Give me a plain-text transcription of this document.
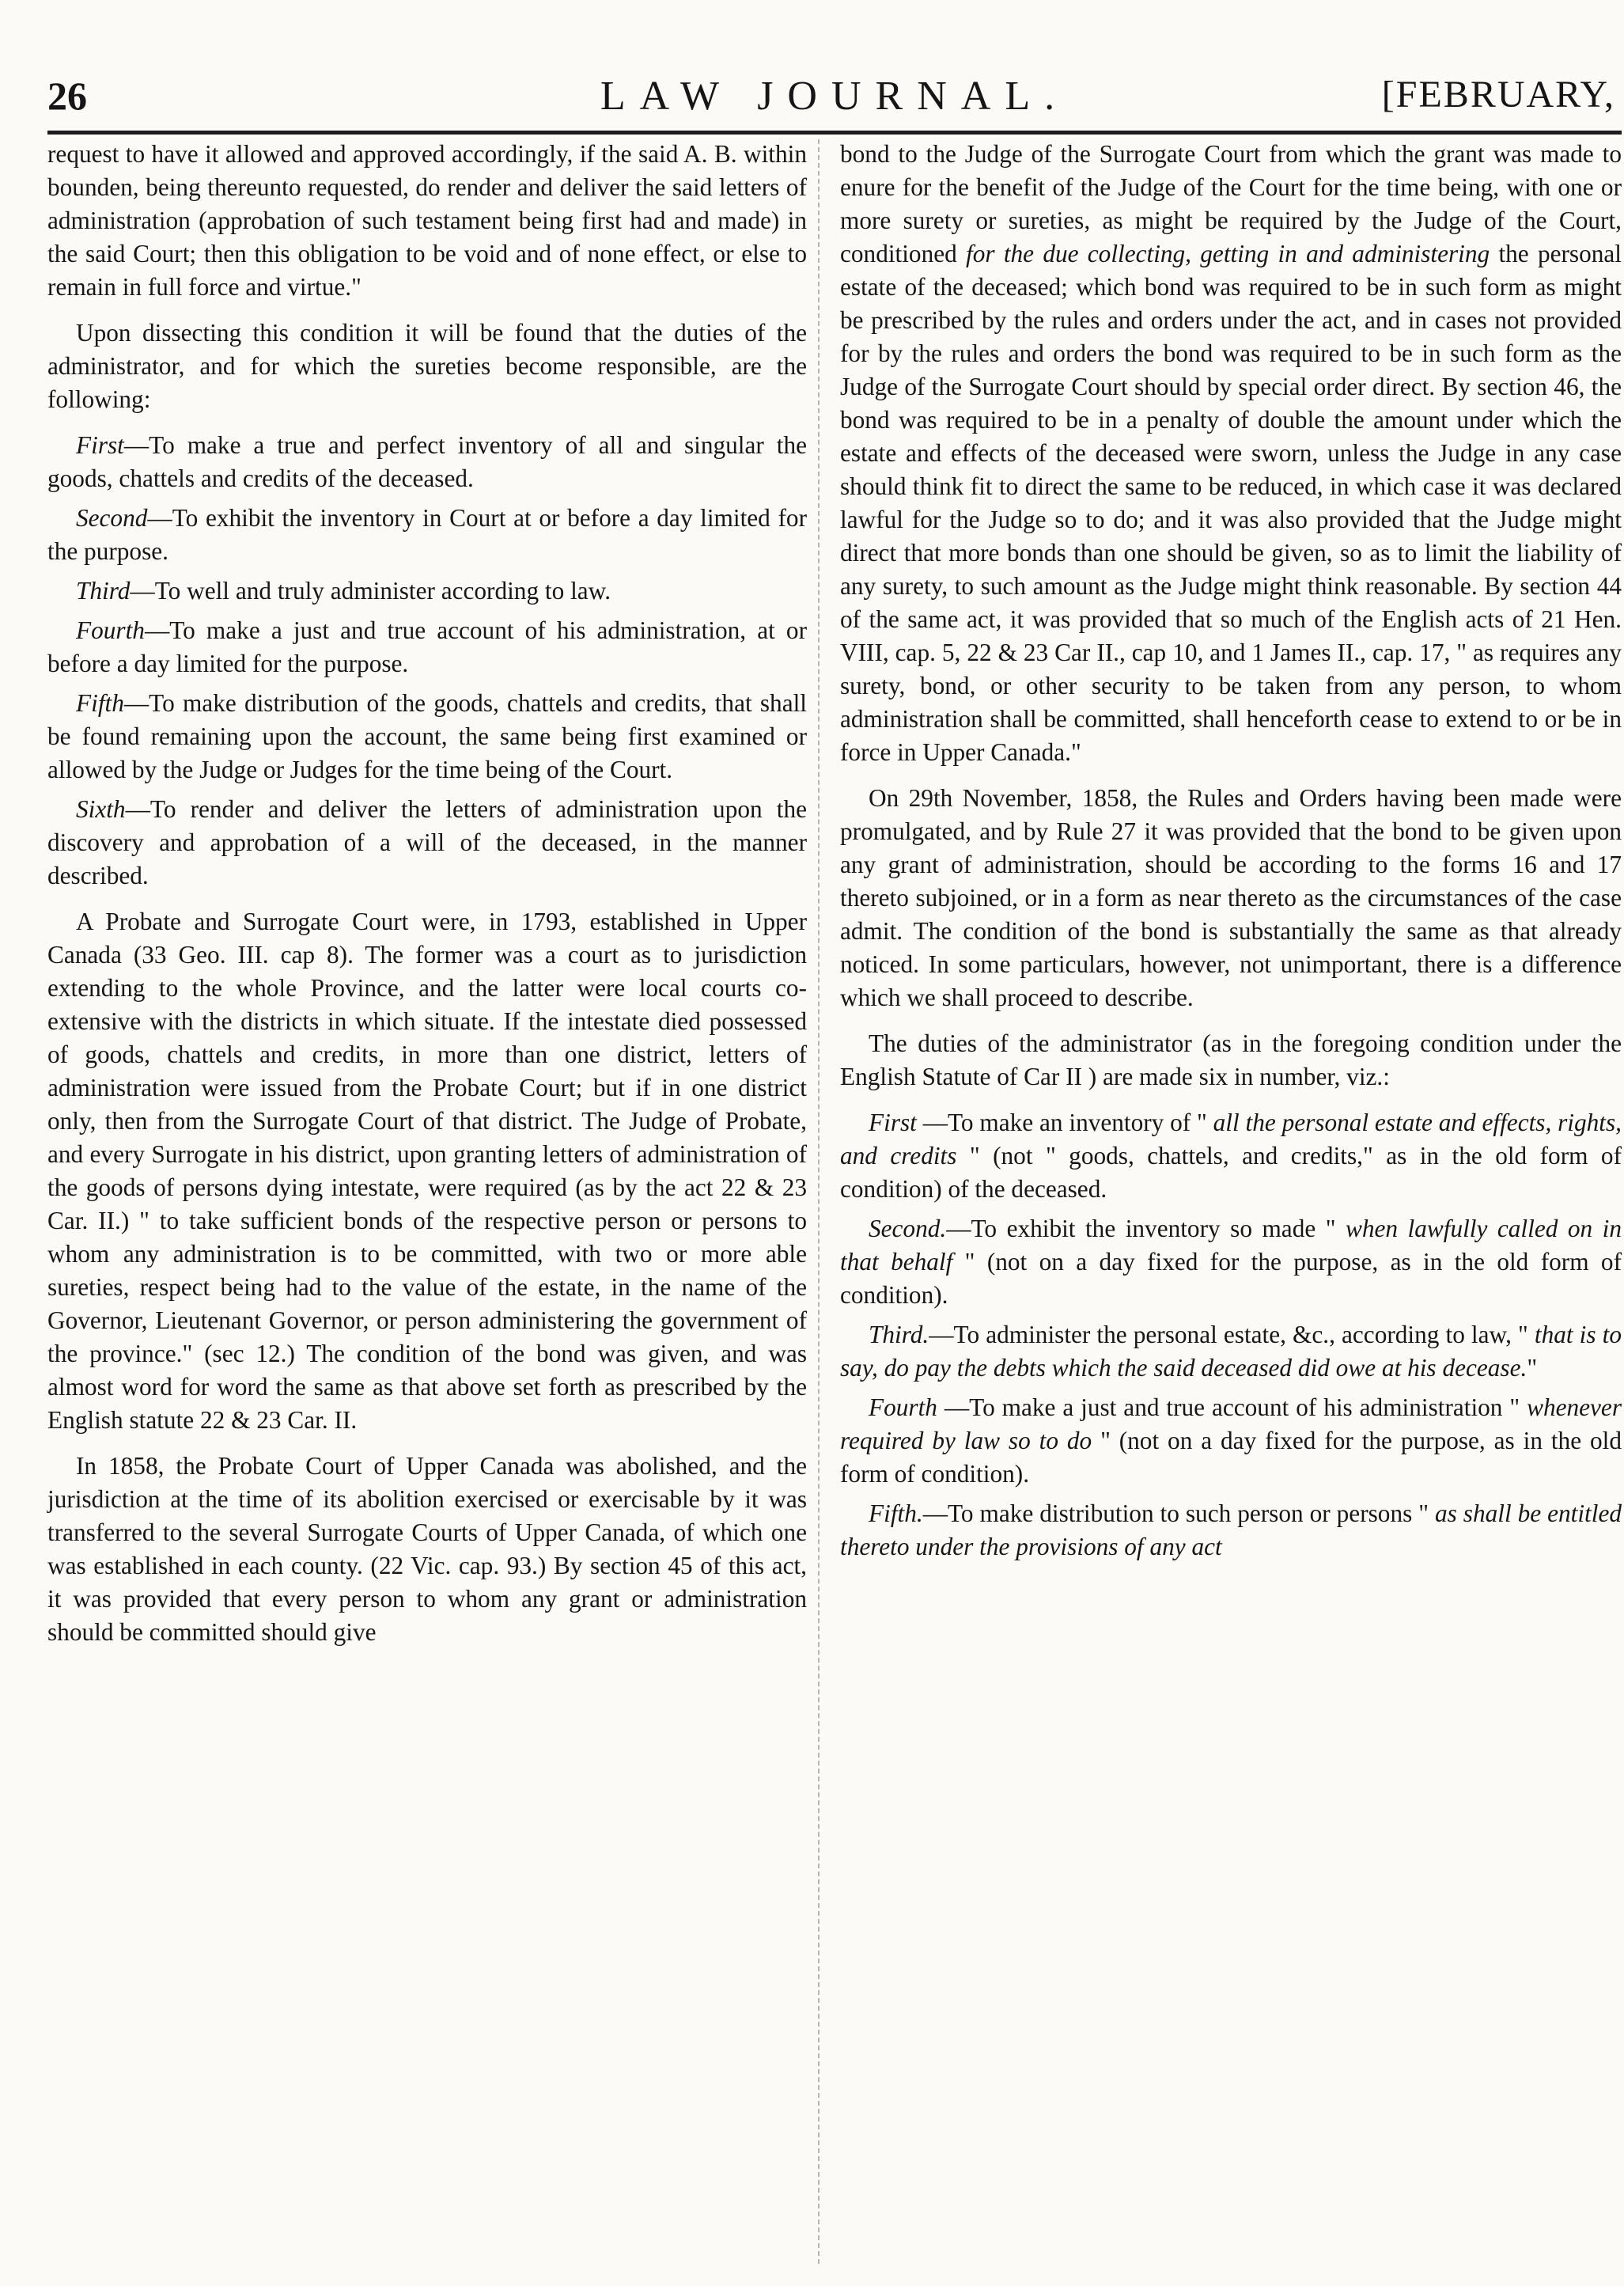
26	LAW JOURNAL.	[FEBRUARY,

request to have it allowed and approved accordingly, if the said A. B. within bounden, being thereunto requested, do render and deliver the said letters of administration (approbation of such testament being first had and made) in the said Court; then this obligation to be void and of none effect, or else to remain in full force and virtue."

Upon dissecting this condition it will be found that the duties of the administrator, and for which the sureties become responsible, are the following:

First—To make a true and perfect inventory of all and singular the goods, chattels and credits of the deceased.

Second—To exhibit the inventory in Court at or before a day limited for the purpose.

Third—To well and truly administer according to law.

Fourth—To make a just and true account of his administration, at or before a day limited for the purpose.

Fifth—To make distribution of the goods, chattels and credits, that shall be found remaining upon the account, the same being first examined or allowed by the Judge or Judges for the time being of the Court.

Sixth—To render and deliver the letters of administration upon the discovery and approbation of a will of the deceased, in the manner described.

A Probate and Surrogate Court were, in 1793, established in Upper Canada (33 Geo. III. cap 8). The former was a court as to jurisdiction extending to the whole Province, and the latter were local courts co-extensive with the districts in which situate. If the intestate died possessed of goods, chattels and credits, in more than one district, letters of administration were issued from the Probate Court; but if in one district only, then from the Surrogate Court of that district. The Judge of Probate, and every Surrogate in his district, upon granting letters of administration of the goods of persons dying intestate, were required (as by the act 22 & 23 Car. II.) " to take sufficient bonds of the respective person or persons to whom any administration is to be committed, with two or more able sureties, respect being had to the value of the estate, in the name of the Governor, Lieutenant Governor, or person administering the government of the province." (sec 12.) The condition of the bond was given, and was almost word for word the same as that above set forth as prescribed by the English statute 22 & 23 Car. II.

In 1858, the Probate Court of Upper Canada was abolished, and the jurisdiction at the time of its abolition exercised or exercisable by it was transferred to the several Surrogate Courts of Upper Canada, of which one was established in each county. (22 Vic. cap. 93.) By section 45 of this act, it was provided that every person to whom any grant or administration should be committed should give

bond to the Judge of the Surrogate Court from which the grant was made to enure for the benefit of the Judge of the Court for the time being, with one or more surety or sureties, as might be required by the Judge of the Court, conditioned for the due collecting, getting in and administering the personal estate of the deceased; which bond was required to be in such form as might be prescribed by the rules and orders under the act, and in cases not provided for by the rules and orders the bond was required to be in such form as the Judge of the Surrogate Court should by special order direct. By section 46, the bond was required to be in a penalty of double the amount under which the estate and effects of the deceased were sworn, unless the Judge in any case should think fit to direct the same to be reduced, in which case it was declared lawful for the Judge so to do; and it was also provided that the Judge might direct that more bonds than one should be given, so as to limit the liability of any surety, to such amount as the Judge might think reasonable. By section 44 of the same act, it was provided that so much of the English acts of 21 Hen. VIII, cap. 5, 22 & 23 Car II., cap 10, and 1 James II., cap. 17, " as requires any surety, bond, or other security to be taken from any person, to whom administration shall be committed, shall henceforth cease to extend to or be in force in Upper Canada."

On 29th November, 1858, the Rules and Orders having been made were promulgated, and by Rule 27 it was provided that the bond to be given upon any grant of administration, should be according to the forms 16 and 17 thereto subjoined, or in a form as near thereto as the circumstances of the case admit. The condition of the bond is substantially the same as that already noticed. In some particulars, however, not unimportant, there is a difference which we shall proceed to describe.

The duties of the administrator (as in the foregoing condition under the English Statute of Car II ) are made six in number, viz.:

First —To make an inventory of " all the personal estate and effects, rights, and credits " (not " goods, chattels, and credits," as in the old form of condition) of the deceased.

Second.—To exhibit the inventory so made " when lawfully called on in that behalf " (not on a day fixed for the purpose, as in the old form of condition).

Third.—To administer the personal estate, &c., according to law, " that is to say, do pay the debts which the said deceased did owe at his decease."

Fourth —To make a just and true account of his administration " whenever required by law so to do " (not on a day fixed for the purpose, as in the old form of condition).

Fifth.—To make distribution to such person or persons " as shall be entitled thereto under the provisions of any act
